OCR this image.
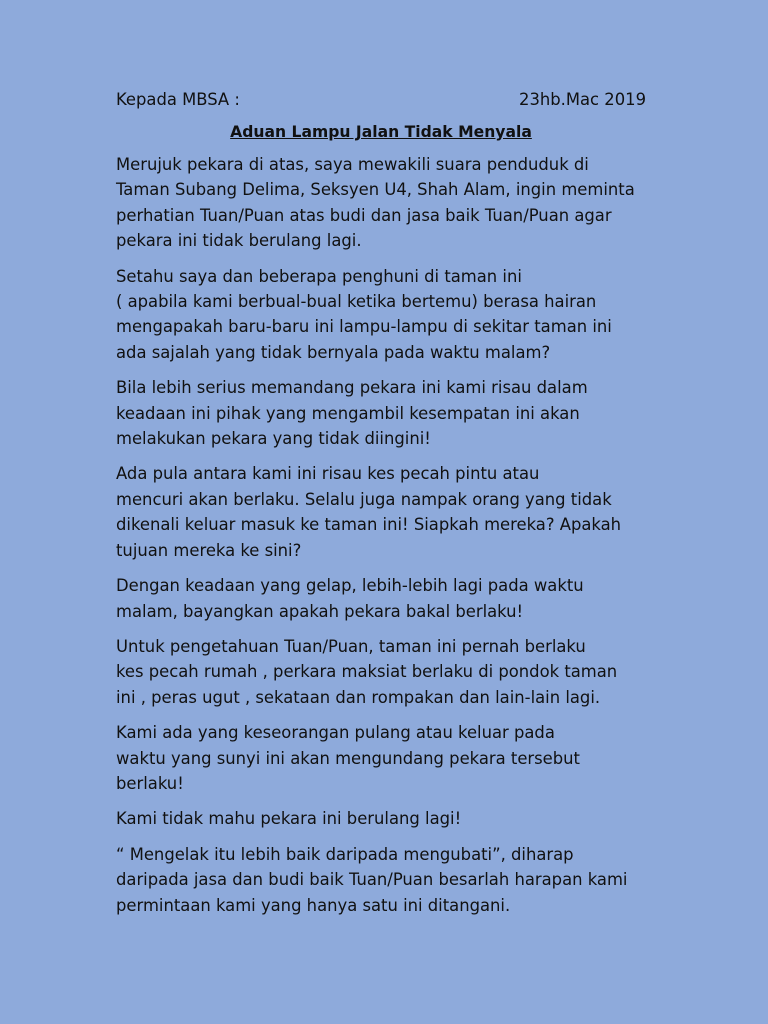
Kepada MBSA :	23hb.Mac 2019
Aduan Lampu Jalan Tidak Menyala

Merujuk pekara di atas, saya mewakili suara penduduk di
Taman Subang Delima, Seksyen U4, Shah Alam, ingin meminta
perhatian Tuan/Puan atas budi dan jasa baik Tuan/Puan agar
pekara ini tidak berulang lagi.

Setahu saya dan beberapa penghuni di taman ini
( apabila kami berbual-bual ketika bertemu) berasa hairan
mengapakah baru-baru ini lampu-lampu di sekitar taman ini
ada sajalah yang tidak bernyala pada waktu malam?

Bila lebih serius memandang pekara ini kami risau dalam
keadaan ini pihak yang mengambil kesempatan ini akan
melakukan pekara yang tidak diingini!

Ada pula antara kami ini risau kes pecah pintu atau
mencuri akan berlaku. Selalu juga nampak orang yang tidak
dikenali keluar masuk ke taman ini! Siapkah mereka? Apakah
tujuan mereka ke sini?

Dengan keadaan yang gelap, lebih-lebih lagi pada waktu
malam, bayangkan apakah pekara bakal berlaku!

Untuk pengetahuan Tuan/Puan, taman ini pernah berlaku
kes pecah rumah , perkara maksiat berlaku di pondok taman
ini , peras ugut , sekataan dan rompakan dan lain-lain lagi.

Kami ada yang keseorangan pulang atau keluar pada
waktu yang sunyi ini akan mengundang pekara tersebut
berlaku!

Kami tidak mahu pekara ini berulang lagi!

“ Mengelak itu lebih baik daripada mengubati”, diharap
daripada jasa dan budi baik Tuan/Puan besarlah harapan kami
permintaan kami yang hanya satu ini ditangani.
